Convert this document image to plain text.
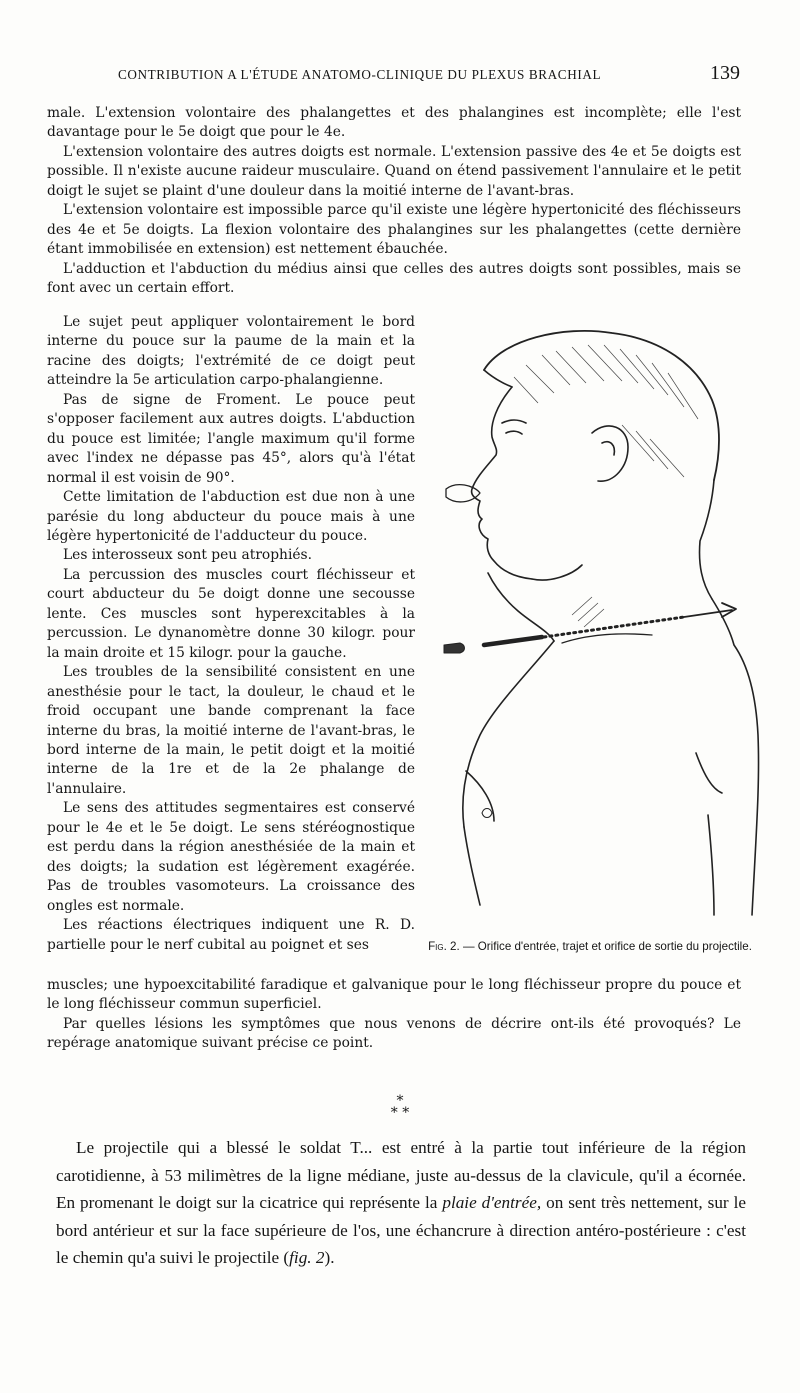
CONTRIBUTION A L'ÉTUDE ANATOMO-CLINIQUE DU PLEXUS BRACHIAL	139

male. L'extension volontaire des phalangettes et des phalangines est incomplète; elle l'est davantage pour le 5e doigt que pour le 4e.

L'extension volontaire des autres doigts est normale. L'extension passive des 4e et 5e doigts est possible. Il n'existe aucune raideur musculaire. Quand on étend passivement l'annulaire et le petit doigt le sujet se plaint d'une douleur dans la moitié interne de l'avant-bras.

L'extension volontaire est impossible parce qu'il existe une légère hypertonicité des fléchisseurs des 4e et 5e doigts. La flexion volontaire des phalangines sur les phalangettes (cette dernière étant immobilisée en extension) est nettement ébauchée.

L'adduction et l'abduction du médius ainsi que celles des autres doigts sont possibles, mais se font avec un certain effort.

Le sujet peut appliquer volontairement le bord interne du pouce sur la paume de la main et la racine des doigts; l'extrémité de ce doigt peut atteindre la 5e articulation carpo-phalangienne.

Pas de signe de Froment. Le pouce peut s'opposer facilement aux autres doigts. L'abduction du pouce est limitée; l'angle maximum qu'il forme avec l'index ne dépasse pas 45°, alors qu'à l'état normal il est voisin de 90°.

Cette limitation de l'abduction est due non à une parésie du long abducteur du pouce mais à une légère hypertonicité de l'adducteur du pouce.

Les interosseux sont peu atrophiés.

La percussion des muscles court fléchisseur et court abducteur du 5e doigt donne une secousse lente. Ces muscles sont hyperexcitables à la percussion. Le dynanomètre donne 30 kilogr. pour la main droite et 15 kilogr. pour la gauche.

Les troubles de la sensibilité consistent en une anesthésie pour le tact, la douleur, le chaud et le froid occupant une bande comprenant la face interne du bras, la moitié interne de l'avant-bras, le bord interne de la main, le petit doigt et la moitié interne de la 1re et de la 2e phalange de l'annulaire.

Le sens des attitudes segmentaires est conservé pour le 4e et le 5e doigt. Le sens stéréognostique est perdu dans la région anesthésiée de la main et des doigts; la sudation est légèrement exagérée. Pas de troubles vasomoteurs. La croissance des ongles est normale.

Les réactions électriques indiquent une R. D. partielle pour le nerf cubital au poignet et ses	Fig. 2. — Orifice d'entrée, trajet et orifice de sortie du projectile.

muscles; une hypoexcitabilité faradique et galvanique pour le long fléchisseur propre du pouce et le long fléchisseur commun superficiel.

Par quelles lésions les symptômes que nous venons de décrire ont-ils été provoqués? Le repérage anatomique suivant précise ce point.

*
* *

Le projectile qui a blessé le soldat T... est entré à la partie tout inférieure de la région carotidienne, à 53 milimètres de la ligne médiane, juste au-dessus de la clavicule, qu'il a écornée. En promenant le doigt sur la cicatrice qui représente la plaie d'entrée, on sent très nettement, sur le bord antérieur et sur la face supérieure de l'os, une échancrure à direction antéro-postérieure : c'est le chemin qu'a suivi le projectile (fig. 2).
